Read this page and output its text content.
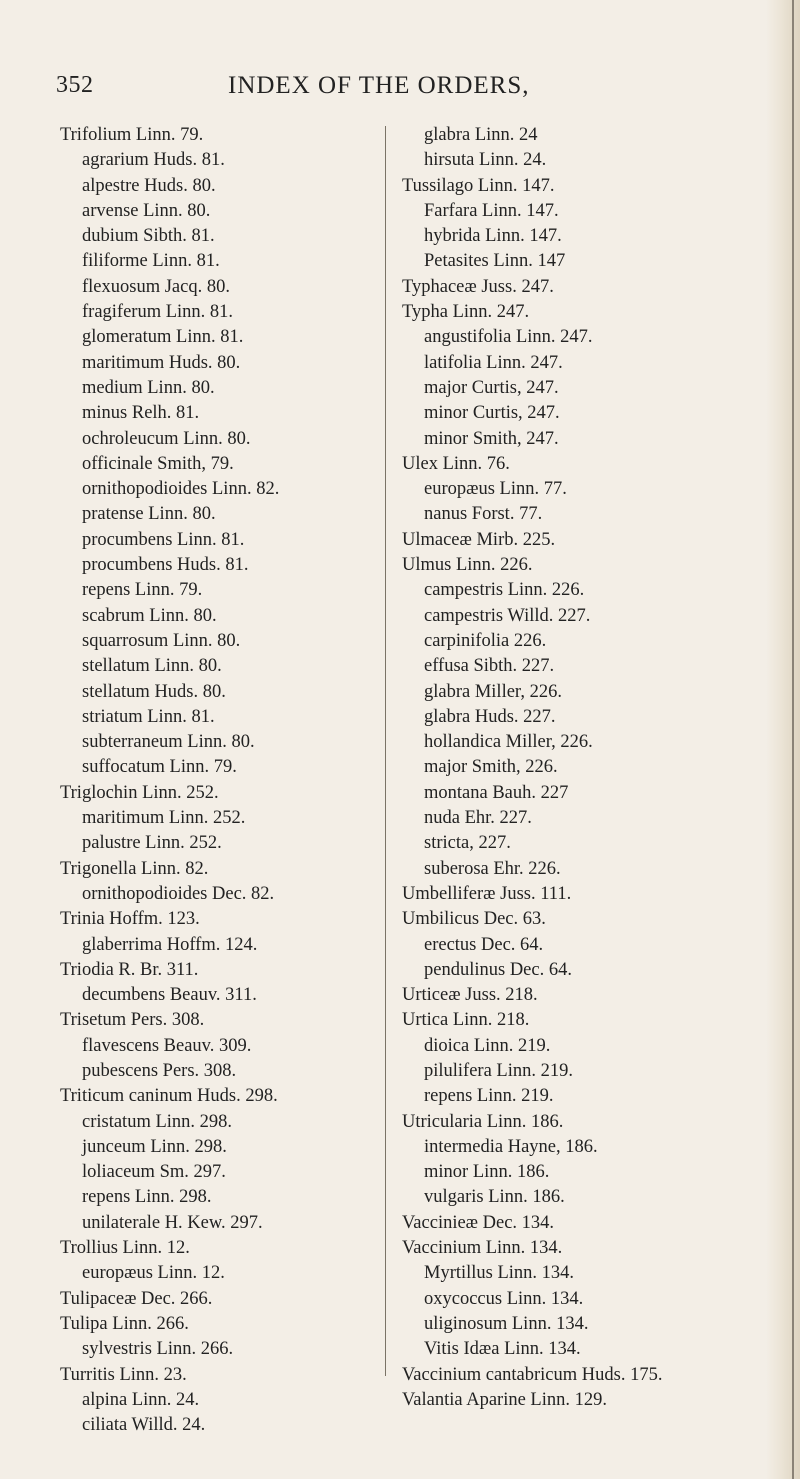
352	INDEX OF THE ORDERS,
Trifolium Linn. 79.
agrarium Huds. 81.
alpestre Huds. 80.
arvense Linn. 80.
dubium Sibth. 81.
filiforme Linn. 81.
flexuosum Jacq. 80.
fragiferum Linn. 81.
glomeratum Linn. 81.
maritimum Huds. 80.
medium Linn. 80.
minus Relh. 81.
ochroleucum Linn. 80.
officinale Smith, 79.
ornithopodioides Linn. 82.
pratense Linn. 80.
procumbens Linn. 81.
procumbens Huds. 81.
repens Linn. 79.
scabrum Linn. 80.
squarrosum Linn. 80.
stellatum Linn. 80.
stellatum Huds. 80.
striatum Linn. 81.
subterraneum Linn. 80.
suffocatum Linn. 79.
Triglochin Linn. 252.
maritimum Linn. 252.
palustre Linn. 252.
Trigonella Linn. 82.
ornithopodioides Dec. 82.
Trinia Hoffm. 123.
glaberrima Hoffm. 124.
Triodia R. Br. 311.
decumbens Beauv. 311.
Trisetum Pers. 308.
flavescens Beauv. 309.
pubescens Pers. 308.
Triticum caninum Huds. 298.
cristatum Linn. 298.
junceum Linn. 298.
loliaceum Sm. 297.
repens Linn. 298.
unilaterale H. Kew. 297.
Trollius Linn. 12.
europæus Linn. 12.
Tulipaceæ Dec. 266.
Tulipa Linn. 266.
sylvestris Linn. 266.
Turritis Linn. 23.
alpina Linn. 24.
ciliata Willd. 24.
glabra Linn. 24
hirsuta Linn. 24.
Tussilago Linn. 147.
Farfara Linn. 147.
hybrida Linn. 147.
Petasites Linn. 147
Typhaceæ Juss. 247.
Typha Linn. 247.
angustifolia Linn. 247.
latifolia Linn. 247.
major Curtis, 247.
minor Curtis, 247.
minor Smith, 247.
Ulex Linn. 76.
europæus Linn. 77.
nanus Forst. 77.
Ulmaceæ Mirb. 225.
Ulmus Linn. 226.
campestris Linn. 226.
campestris Willd. 227.
carpinifolia 226.
effusa Sibth. 227.
glabra Miller, 226.
glabra Huds. 227.
hollandica Miller, 226.
major Smith, 226.
montana Bauh. 227
nuda Ehr. 227.
stricta, 227.
suberosa Ehr. 226.
Umbelliferæ Juss. 111.
Umbilicus Dec. 63.
erectus Dec. 64.
pendulinus Dec. 64.
Urticeæ Juss. 218.
Urtica Linn. 218.
dioica Linn. 219.
pilulifera Linn. 219.
repens Linn. 219.
Utricularia Linn. 186.
intermedia Hayne, 186.
minor Linn. 186.
vulgaris Linn. 186.
Vaccinieæ Dec. 134.
Vaccinium Linn. 134.
Myrtillus Linn. 134.
oxycoccus Linn. 134.
uliginosum Linn. 134.
Vitis Idæa Linn. 134.
Vaccinium cantabricum Huds. 175.
Valantia Aparine Linn. 129.
